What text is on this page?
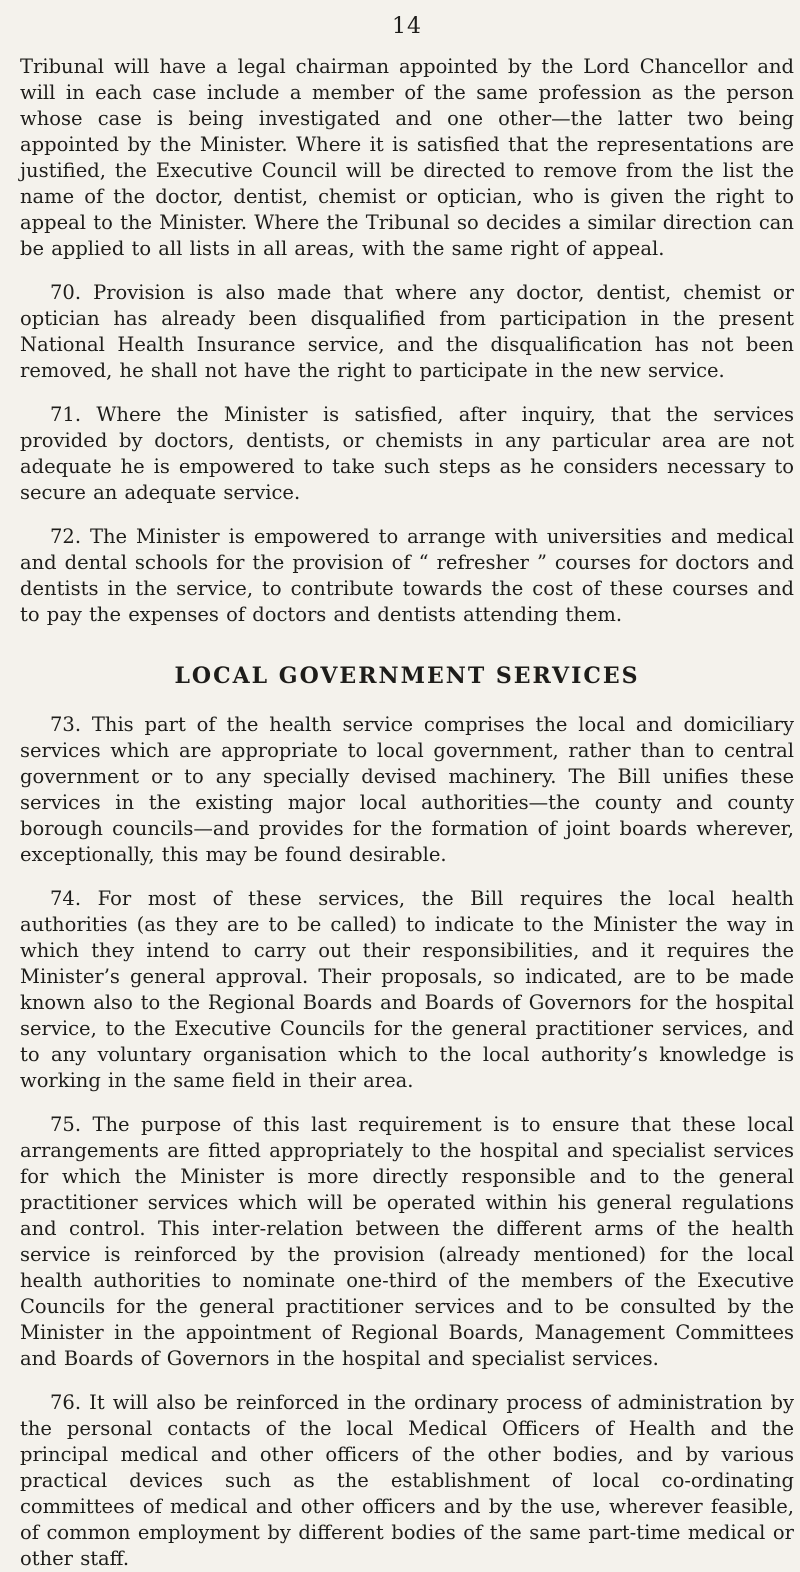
14

Tribunal will have a legal chairman appointed by the Lord Chancellor and will in each case include a member of the same profession as the person whose case is being investigated and one other—the latter two being appointed by the Minister. Where it is satisfied that the representations are justified, the Executive Council will be directed to remove from the list the name of the doctor, dentist, chemist or optician, who is given the right to appeal to the Minister. Where the Tribunal so decides a similar direction can be applied to all lists in all areas, with the same right of appeal.

70. Provision is also made that where any doctor, dentist, chemist or optician has already been disqualified from participation in the present National Health Insurance service, and the disqualification has not been removed, he shall not have the right to participate in the new service.

71. Where the Minister is satisfied, after inquiry, that the services provided by doctors, dentists, or chemists in any particular area are not adequate he is empowered to take such steps as he considers necessary to secure an adequate service.

72. The Minister is empowered to arrange with universities and medical and dental schools for the provision of “ refresher ” courses for doctors and dentists in the service, to contribute towards the cost of these courses and to pay the expenses of doctors and dentists attending them.

LOCAL GOVERNMENT SERVICES

73. This part of the health service comprises the local and domiciliary services which are appropriate to local government, rather than to central government or to any specially devised machinery. The Bill unifies these services in the existing major local authorities—the county and county borough councils—and provides for the formation of joint boards wherever, exceptionally, this may be found desirable.

74. For most of these services, the Bill requires the local health authorities (as they are to be called) to indicate to the Minister the way in which they intend to carry out their responsibilities, and it requires the Minister’s general approval. Their proposals, so indicated, are to be made known also to the Regional Boards and Boards of Governors for the hospital service, to the Executive Councils for the general practitioner services, and to any voluntary organisation which to the local authority’s knowledge is working in the same field in their area.

75. The purpose of this last requirement is to ensure that these local arrangements are fitted appropriately to the hospital and specialist services for which the Minister is more directly responsible and to the general practitioner services which will be operated within his general regulations and control. This inter-relation between the different arms of the health service is reinforced by the provision (already mentioned) for the local health authorities to nominate one-third of the members of the Executive Councils for the general practitioner services and to be consulted by the Minister in the appointment of Regional Boards, Management Committees and Boards of Governors in the hospital and specialist services.

76. It will also be reinforced in the ordinary process of administration by the personal contacts of the local Medical Officers of Health and the principal medical and other officers of the other bodies, and by various practical devices such as the establishment of local co-ordinating committees of medical and other officers and by the use, wherever feasible, of common employment by different bodies of the same part-time medical or other staff.
